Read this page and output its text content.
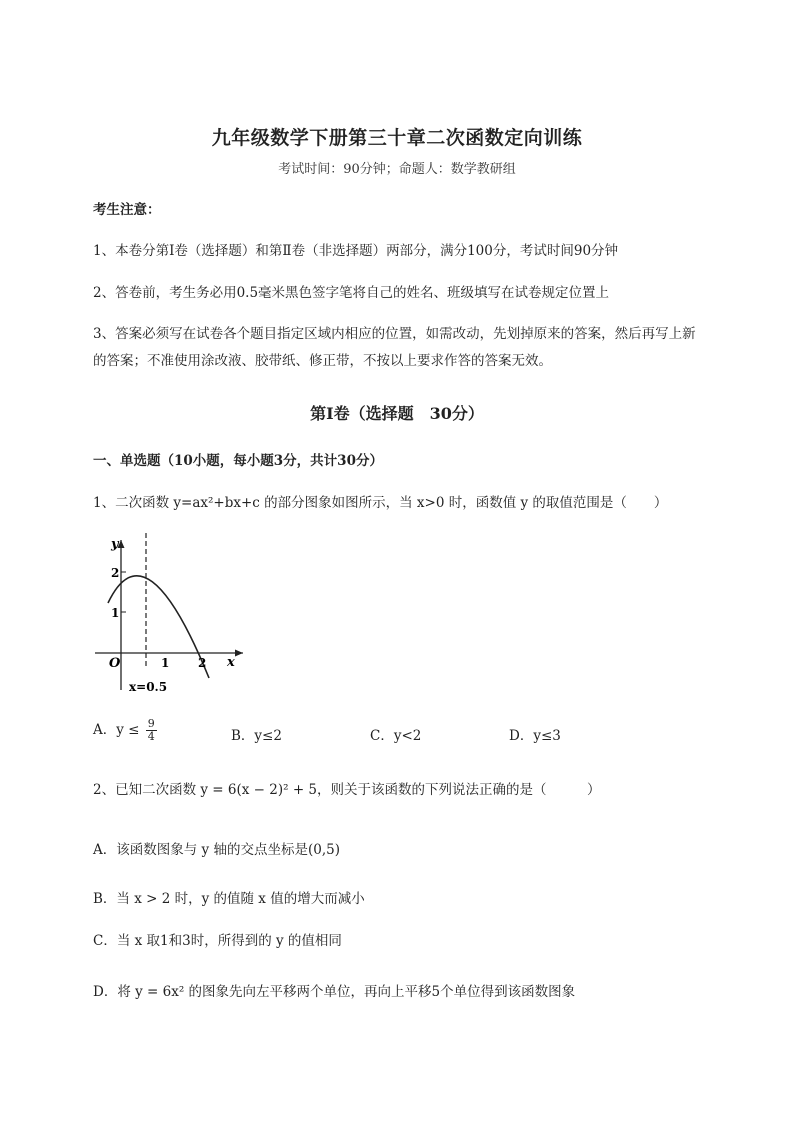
九年级数学下册第三十章二次函数定向训练
考试时间：90分钟；命题人：数学教研组
考生注意：
1、本卷分第Ⅰ卷（选择题）和第Ⅱ卷（非选择题）两部分，满分100分，考试时间90分钟
2、答卷前，考生务必用0.5毫米黑色签字笔将自己的姓名、班级填写在试卷规定位置上
3、答案必须写在试卷各个题目指定区域内相应的位置，如需改动，先划掉原来的答案，然后再写上新
的答案；不准使用涂改液、胶带纸、修正带，不按以上要求作答的答案无效。
第Ⅰ卷（选择题　30分）
一、单选题（10小题，每小题3分，共计30分）
1、二次函数 y=ax²+bx+c 的部分图象如图所示，当 x>0 时，函数值 y 的取值范围是（　　）
y
x
O	1 2
1
2
x=0.5
A．$y \le \frac{9}{4}$	B．y≤2	C．y<2	D．y≤3
2、已知二次函数 y = 6(x − 2)² + 5，则关于该函数的下列说法正确的是（　　　）
A．该函数图象与 y 轴的交点坐标是(0,5)
B．当 x > 2 时，y 的值随 x 值的增大而减小
C．当 x 取1和3时，所得到的 y 的值相同
D．将 y = 6x² 的图象先向左平移两个单位，再向上平移5个单位得到该函数图象
